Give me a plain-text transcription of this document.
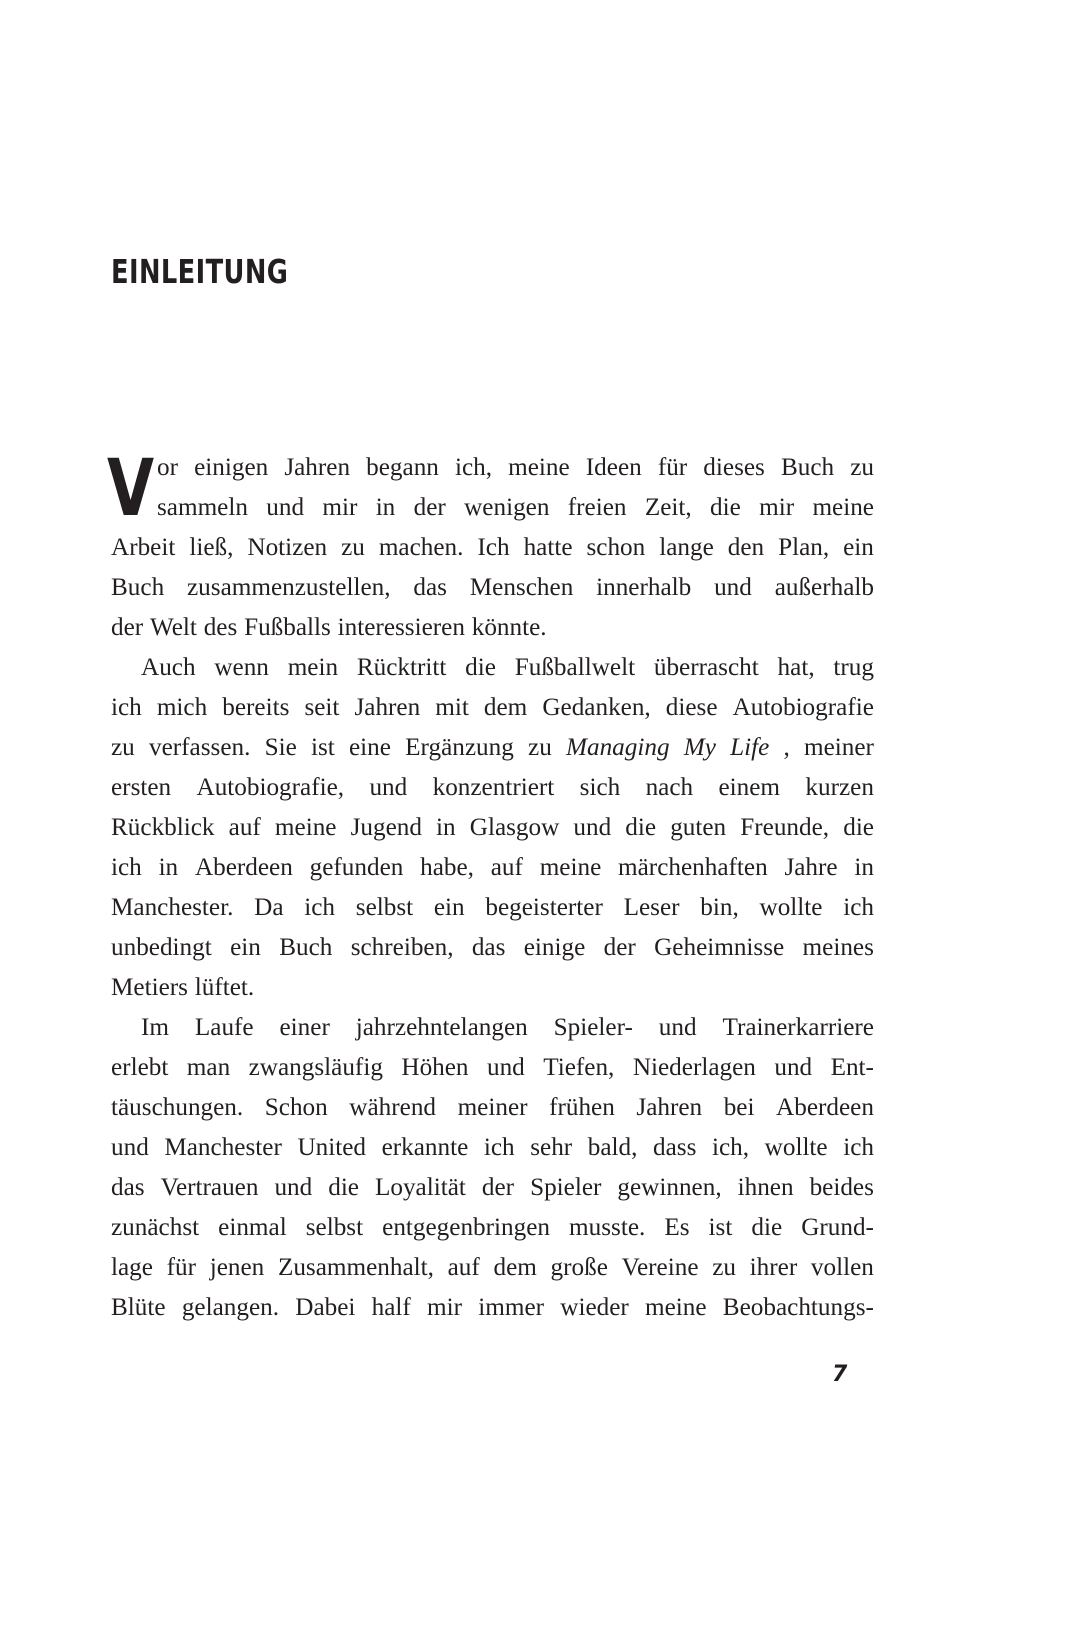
EINLEITUNG
V or einigen Jahren begann ich, meine Ideen für dieses Buch zu
sammeln und mir in der wenigen freien Zeit, die mir meine
Arbeit ließ, Notizen zu machen. Ich hatte schon lange den Plan, ein
Buch zusammenzustellen, das Menschen innerhalb und außerhalb
der Welt des Fußballs interessieren könnte.
Auch wenn mein Rücktritt die Fußballwelt überrascht hat, trug
ich mich bereits seit Jahren mit dem Gedanken, diese Autobiografie
zu verfassen. Sie ist eine Ergänzung zu Managing My Life , meiner
ersten Autobiografie, und konzentriert sich nach einem kurzen
Rückblick auf meine Jugend in Glasgow und die guten Freunde, die
ich in Aberdeen gefunden habe, auf meine märchenhaften Jahre in
Manchester. Da ich selbst ein begeisterter Leser bin, wollte ich
unbedingt ein Buch schreiben, das einige der Geheimnisse meines
Metiers lüftet.
Im Laufe einer jahrzehntelangen Spieler- und Trainerkarriere
erlebt man zwangsläufig Höhen und Tiefen, Niederlagen und Ent-
täuschungen. Schon während meiner frühen Jahren bei Aberdeen
und Manchester United erkannte ich sehr bald, dass ich, wollte ich
das Vertrauen und die Loyalität der Spieler gewinnen, ihnen beides
zunächst einmal selbst entgegenbringen musste. Es ist die Grund-
lage für jenen Zusammenhalt, auf dem große Vereine zu ihrer vollen
Blüte gelangen. Dabei half mir immer wieder meine Beobachtungs-
7
